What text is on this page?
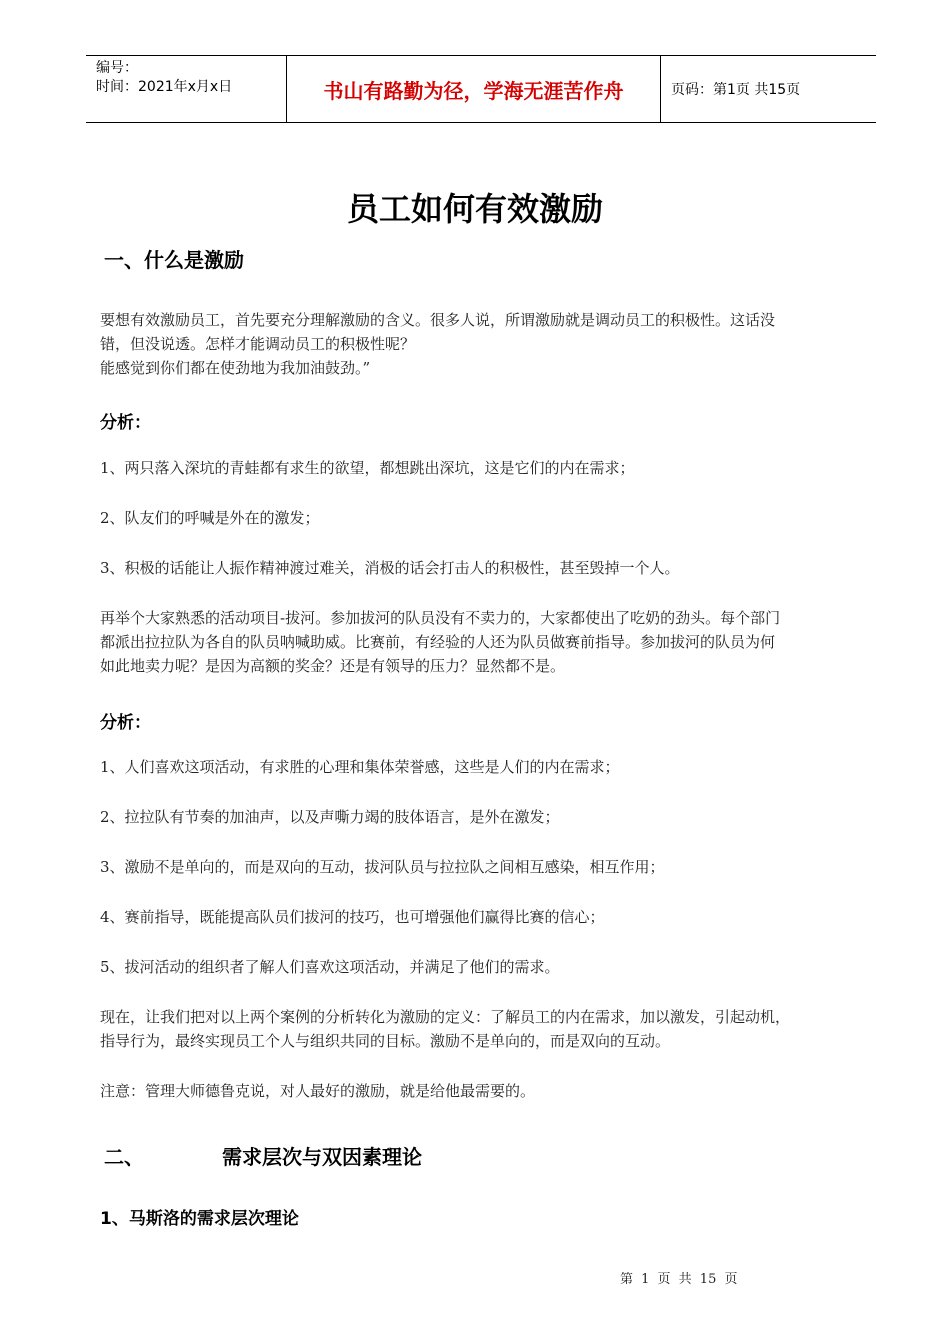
编号：
时间：2021年x月x日	书山有路勤为径，学海无涯苦作舟	页码：第1页 共15页
员工如何有效激励
一、什么是激励
要想有效激励员工，首先要充分理解激励的含义。很多人说，所谓激励就是调动员工的积极性。这话没
错，但没说透。怎样才能调动员工的积极性呢？
能感觉到你们都在使劲地为我加油鼓劲。”
分析：
1、两只落入深坑的青蛙都有求生的欲望，都想跳出深坑，这是它们的内在需求；
2、队友们的呼喊是外在的激发；
3、积极的话能让人振作精神渡过难关，消极的话会打击人的积极性，甚至毁掉一个人。
再举个大家熟悉的活动项目-拔河。参加拔河的队员没有不卖力的，大家都使出了吃奶的劲头。每个部门
都派出拉拉队为各自的队员呐喊助威。比赛前，有经验的人还为队员做赛前指导。参加拔河的队员为何
如此地卖力呢？是因为高额的奖金？还是有领导的压力？显然都不是。
分析：
1、人们喜欢这项活动，有求胜的心理和集体荣誉感，这些是人们的内在需求；
2、拉拉队有节奏的加油声，以及声嘶力竭的肢体语言，是外在激发；
3、激励不是单向的，而是双向的互动，拔河队员与拉拉队之间相互感染，相互作用；
4、赛前指导，既能提高队员们拔河的技巧，也可增强他们赢得比赛的信心；
5、拔河活动的组织者了解人们喜欢这项活动，并满足了他们的需求。
现在，让我们把对以上两个案例的分析转化为激励的定义：了解员工的内在需求，加以激发，引起动机，
指导行为，最终实现员工个人与组织共同的目标。激励不是单向的，而是双向的互动。
注意：管理大师德鲁克说，对人最好的激励，就是给他最需要的。
二、	需求层次与双因素理论
1、马斯洛的需求层次理论
第 1 页 共 15 页
